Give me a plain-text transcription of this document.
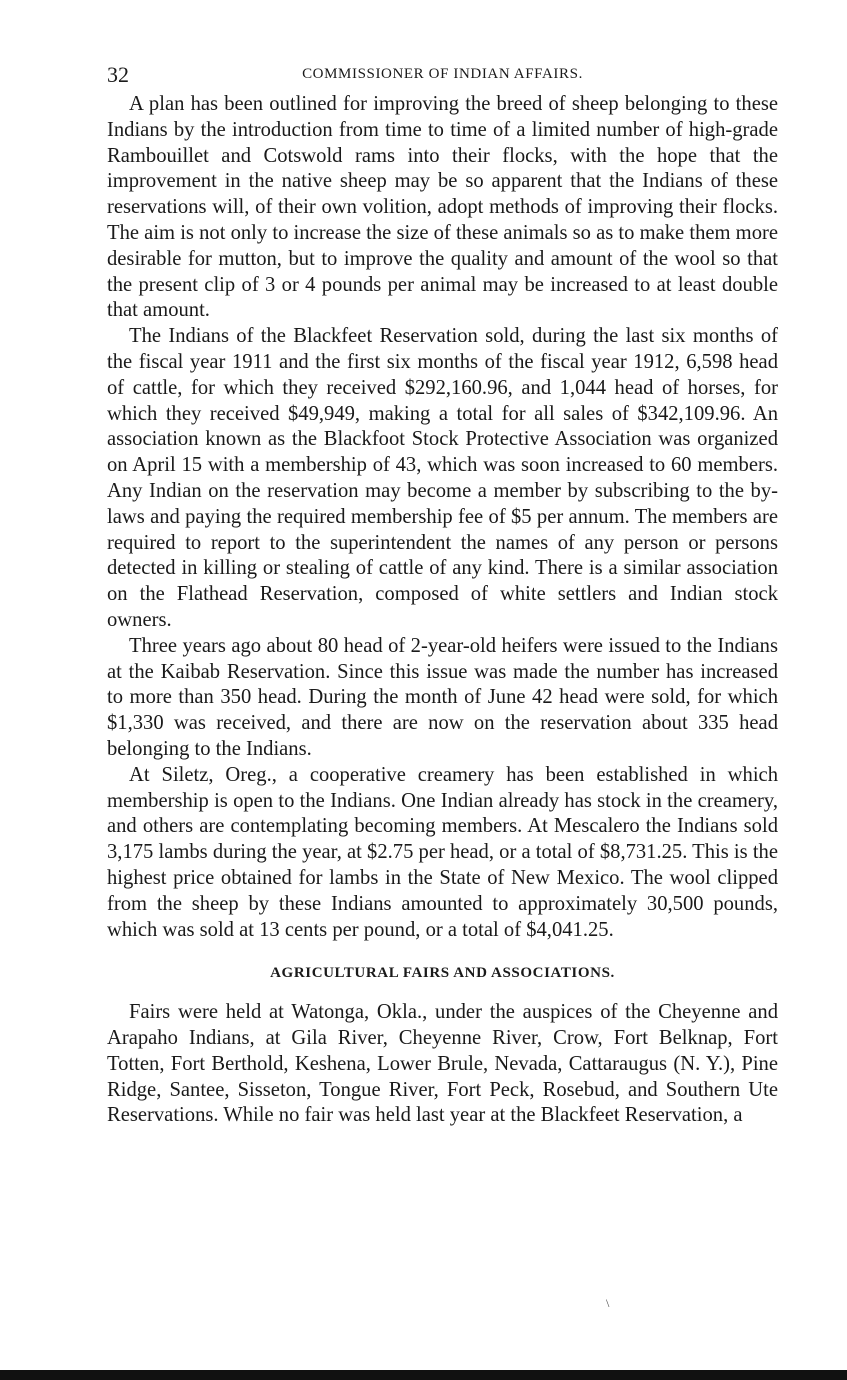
32	COMMISSIONER OF INDIAN AFFAIRS.

A plan has been outlined for improving the breed of sheep belonging to these Indians by the introduction from time to time of a limited number of high-grade Rambouillet and Cotswold rams into their flocks, with the hope that the improvement in the native sheep may be so apparent that the Indians of these reservations will, of their own volition, adopt methods of improving their flocks. The aim is not only to increase the size of these animals so as to make them more desirable for mutton, but to improve the quality and amount of the wool so that the present clip of 3 or 4 pounds per animal may be increased to at least double that amount.

The Indians of the Blackfeet Reservation sold, during the last six months of the fiscal year 1911 and the first six months of the fiscal year 1912, 6,598 head of cattle, for which they received $292,160.96, and 1,044 head of horses, for which they received $49,949, making a total for all sales of $342,109.96. An association known as the Blackfoot Stock Protective Association was organized on April 15 with a membership of 43, which was soon increased to 60 members. Any Indian on the reservation may become a member by subscribing to the by-laws and paying the required membership fee of $5 per annum. The members are required to report to the superintendent the names of any person or persons detected in killing or stealing of cattle of any kind. There is a similar association on the Flathead Reservation, composed of white settlers and Indian stock owners.

Three years ago about 80 head of 2-year-old heifers were issued to the Indians at the Kaibab Reservation. Since this issue was made the number has increased to more than 350 head. During the month of June 42 head were sold, for which $1,330 was received, and there are now on the reservation about 335 head belonging to the Indians.

At Siletz, Oreg., a cooperative creamery has been established in which membership is open to the Indians. One Indian already has stock in the creamery, and others are contemplating becoming members. At Mescalero the Indians sold 3,175 lambs during the year, at $2.75 per head, or a total of $8,731.25. This is the highest price obtained for lambs in the State of New Mexico. The wool clipped from the sheep by these Indians amounted to approximately 30,500 pounds, which was sold at 13 cents per pound, or a total of $4,041.25.

AGRICULTURAL FAIRS AND ASSOCIATIONS.

Fairs were held at Watonga, Okla., under the auspices of the Cheyenne and Arapaho Indians, at Gila River, Cheyenne River, Crow, Fort Belknap, Fort Totten, Fort Berthold, Keshena, Lower Brule, Nevada, Cattaraugus (N. Y.), Pine Ridge, Santee, Sisseton, Tongue River, Fort Peck, Rosebud, and Southern Ute Reservations. While no fair was held last year at the Blackfeet Reservation, a

\
